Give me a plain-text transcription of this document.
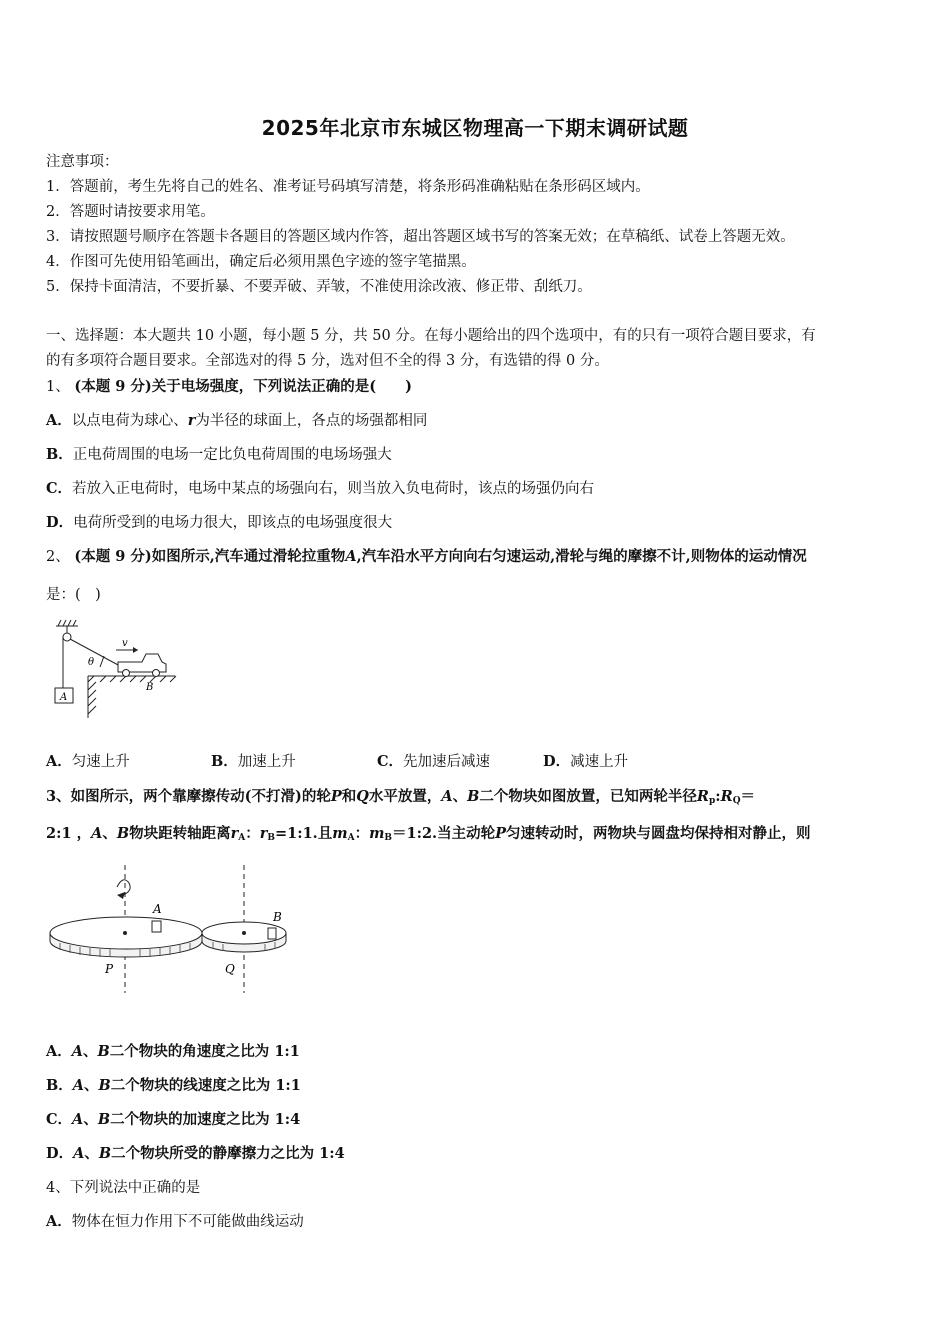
2025年北京市东城区物理高一下期末调研试题
注意事项：
1．答题前，考生先将自己的姓名、准考证号码填写清楚，将条形码准确粘贴在条形码区域内。
2．答题时请按要求用笔。
3．请按照题号顺序在答题卡各题目的答题区域内作答，超出答题区域书写的答案无效；在草稿纸、试卷上答题无效。
4．作图可先使用铅笔画出，确定后必须用黑色字迹的签字笔描黑。
5．保持卡面清洁，不要折暴、不要弄破、弄皱，不准使用涂改液、修正带、刮纸刀。
一、选择题：本大题共 10 小题，每小题 5 分，共 50 分。在每小题给出的四个选项中，有的只有一项符合题目要求，有
的有多项符合题目要求。全部选对的得 5 分，选对但不全的得 3 分，有选错的得 0 分。
1、 (本题 9 分)关于电场强度，下列说法正确的是(　　)
A．以点电荷为球心、r为半径的球面上，各点的场强都相同
B．正电荷周围的电场一定比负电荷周围的电场场强大
C．若放入正电荷时，电场中某点的场强向右，则当放入负电荷时，该点的场强仍向右
D．电荷所受到的电场力很大，即该点的电场强度很大
2、 (本题 9 分)如图所示,汽车通过滑轮拉重物A,汽车沿水平方向向右匀速运动,滑轮与绳的摩擦不计,则物体的运动情况
是：(　)
A
v
θ
B
A．匀速上升	B．加速上升	C．先加速后减速	D．减速上升
3、如图所示，两个靠摩擦传动(不打滑)的轮P和Q水平放置，A、B二个物块如图放置，已知两轮半径$R_p:R_Q=$
2:1 ，A、B物块距转轴距离$r_A$：$r_B=1:1$.且$m_A$：$m_B=1:2$.当主动轮P匀速转动时，两物块与圆盘均保持相对静止，则
A
B
P	Q
A．A、B二个物块的角速度之比为 1:1
B．A、B二个物块的线速度之比为 1:1
C．A、B二个物块的加速度之比为 1:4
D．A、B二个物块所受的静摩擦力之比为 1:4
4、下列说法中正确的是
A．物体在恒力作用下不可能做曲线运动
